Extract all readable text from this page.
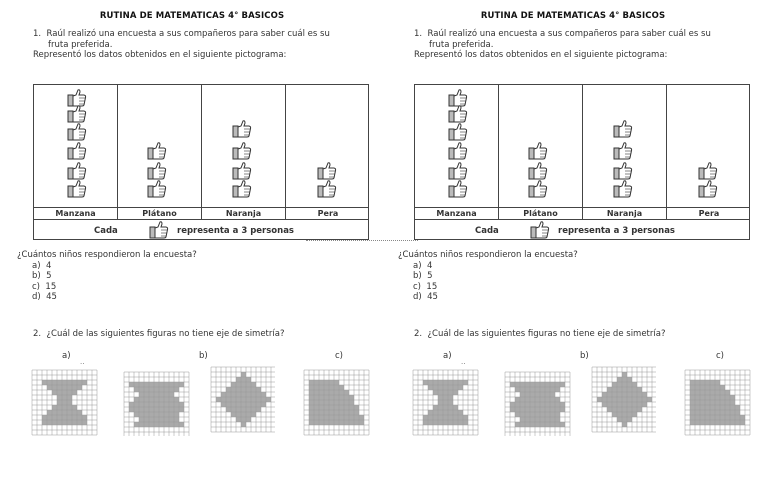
RUTINA DE MATEMATICAS 4° BASICOS
1. Raúl realizó una encuesta a sus compañeros para saber cuál es su
fruta preferida.
Representó los datos obtenidos en el siguiente pictograma:
Manzana	Plátano	Naranja	Pera
Cada	representa a 3 personas
¿Cuántos niños respondieron la encuesta?
a) 4
b) 5
c) 15
d) 45
2. ¿Cuál de las siguientes figuras no tiene eje de simetría?
a)	b)	c)
··
RUTINA DE MATEMATICAS 4° BASICOS
1. Raúl realizó una encuesta a sus compañeros para saber cuál es su
fruta preferida.
Representó los datos obtenidos en el siguiente pictograma:
Manzana	Plátano	Naranja	Pera
Cada	representa a 3 personas
¿Cuántos niños respondieron la encuesta?
a) 4
b) 5
c) 15
d) 45
2. ¿Cuál de las siguientes figuras no tiene eje de simetría?
a)	b)	c)
··
